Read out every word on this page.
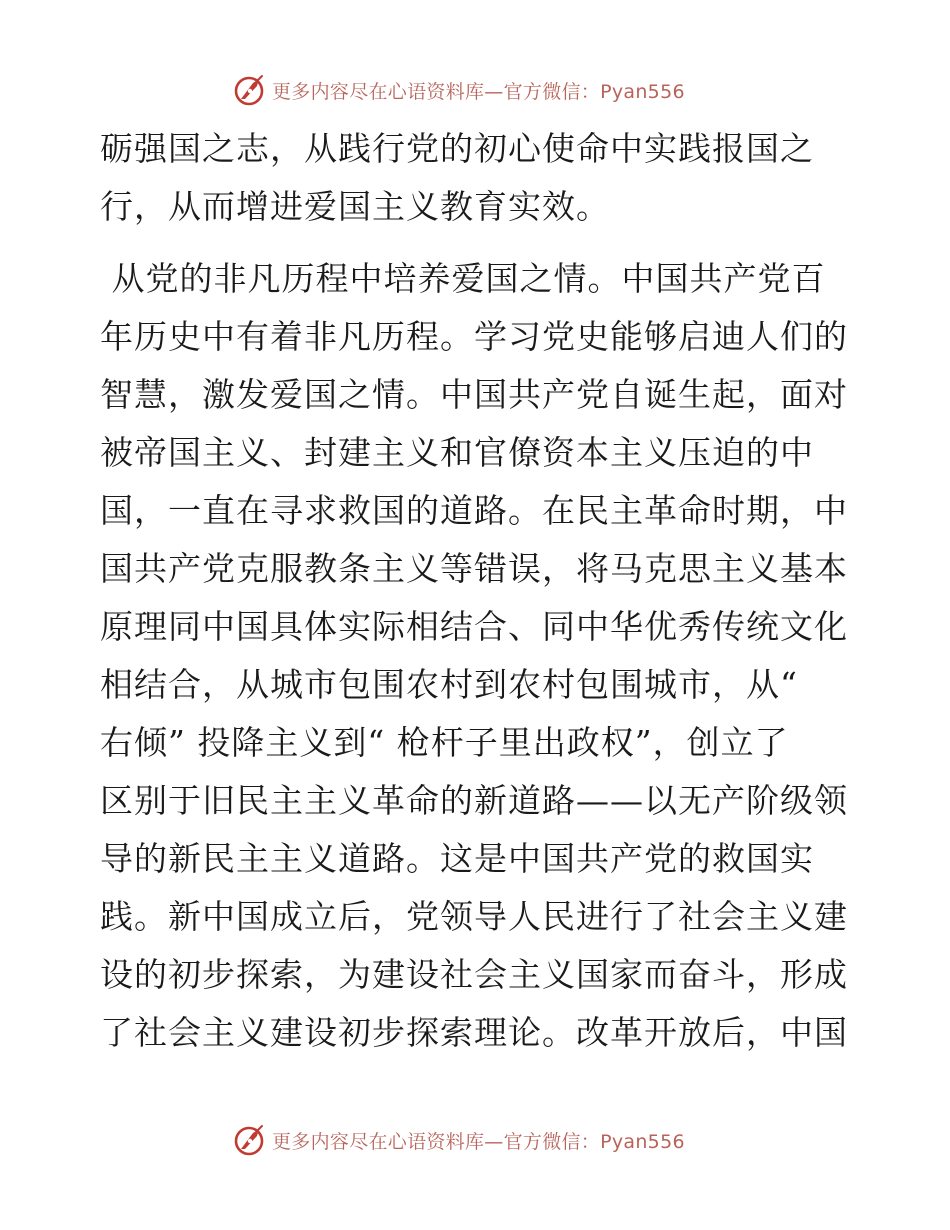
更多内容尽在心语资料库—官方微信：Pyan556
砺强国之志，从践行党的初心使命中实践报国之
行，从而增进爱国主义教育实效。
从党的非凡历程中培养爱国之情。中国共产党百
年历史中有着非凡历程。学习党史能够启迪人们的
智慧，激发爱国之情。中国共产党自诞生起，面对
被帝国主义、封建主义和官僚资本主义压迫的中
国，一直在寻求救国的道路。在民主革命时期，中
国共产党克服教条主义等错误，将马克思主义基本
原理同中国具体实际相结合、同中华优秀传统文化
相结合，从城市包围农村到农村包围城市，从“
右倾” 投降主义到“ 枪杆子里出政权”，创立了
区别于旧民主主义革命的新道路——以无产阶级领
导的新民主主义道路。这是中国共产党的救国实
践。新中国成立后，党领导人民进行了社会主义建
设的初步探索，为建设社会主义国家而奋斗，形成
了社会主义建设初步探索理论。改革开放后，中国
更多内容尽在心语资料库—官方微信：Pyan556
